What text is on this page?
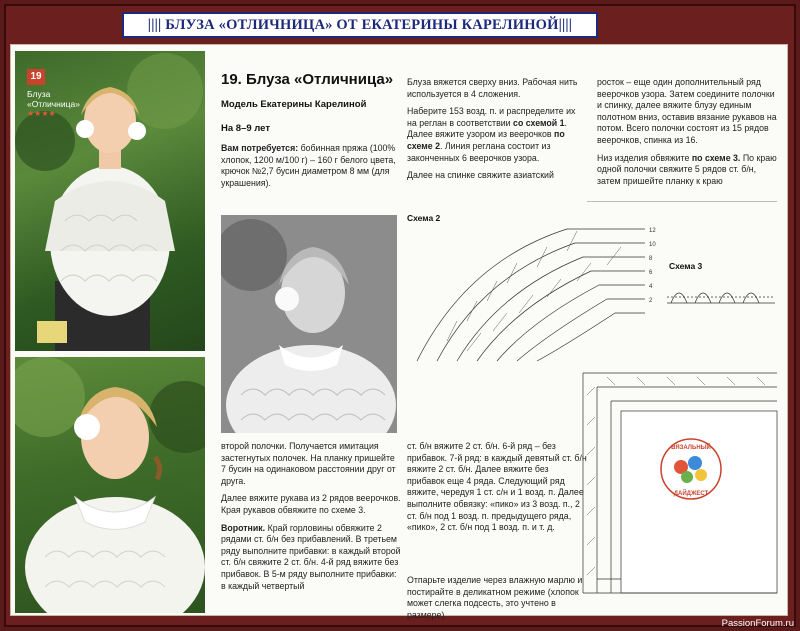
|||| БЛУЗА «ОТЛИЧНИЦА» ОТ ЕКАТЕРИНЫ КАРЕЛИНОЙ||||
19
Блуза «Отличница»
★★★★
19. Блуза «Отличница»
Модель Екатерины Карелиной
На 8–9 лет
Вам потребуется: бобинная пряжа (100% хлопок, 1200 м/100 г) – 160 г белого цвета, крючок №2,7 бусин диаметром 8 мм (для украшения).

Блуза вяжется сверху вниз. Рабочая нить используется в 4 сложения.

Наберите 153 возд. п. и распределите их на реглан в соответствии со схемой 1. Далее вяжите узором из веерочков по схеме 2. Линия реглана состоит из законченных 6 веерочков узора.

Далее на спинке свяжите азиатский

росток – еще один дополнительный ряд веерочков узора. Затем соедините полочки и спинку, далее вяжите блузу единым полотном вниз, оставив вязание рукавов на потом. Всего полочки состоят из 15 рядов веерочков, спинка из 16.

Низ изделия обвяжите по схеме 3. По краю одной полочки свяжите 5 рядов ст. б/н, затем пришейте планку к краю

второй полочки. Получается имитация застегнутых полочек. На планку пришейте 7 бусин на одинаковом расстоянии друг от друга.

Далее вяжите рукава из 2 рядов веерочков. Края рукавов обвяжите по схеме 3.

Воротник. Край горловины обвяжите 2 рядами ст. б/н без прибавлений. В третьем ряду выполните прибавки: в каждый второй ст. б/н свяжите 2 ст. б/н. 4-й ряд вяжите без прибавок. В 5-м ряду выполните прибавки: в каждый четвертый

ст. б/н вяжите 2 ст. б/н. 6-й ряд – без прибавок. 7-й ряд: в каждый девятый ст. б/н вяжите 2 ст. б/н. Далее вяжите без прибавок еще 4 ряда. Следующий ряд вяжите, чередуя 1 ст. с/н и 1 возд. п. Далее выполните обвязку: «пико» из 3 возд. п., 2 ст. б/н под 1 возд. п. предыдущего ряда, «пико», 2 ст. б/н под 1 возд. п. и т. д.

Отпарьте изделие через влажную марлю и постирайте в деликатном режиме (хлопок может слегка подсесть, это учтено в размере).

Схема 2
12
10
8
6
4
2
Схема 3
ВЯЗАЛЬНЫЙ
ДАЙДЖЕСТ
PassionForum.ru
